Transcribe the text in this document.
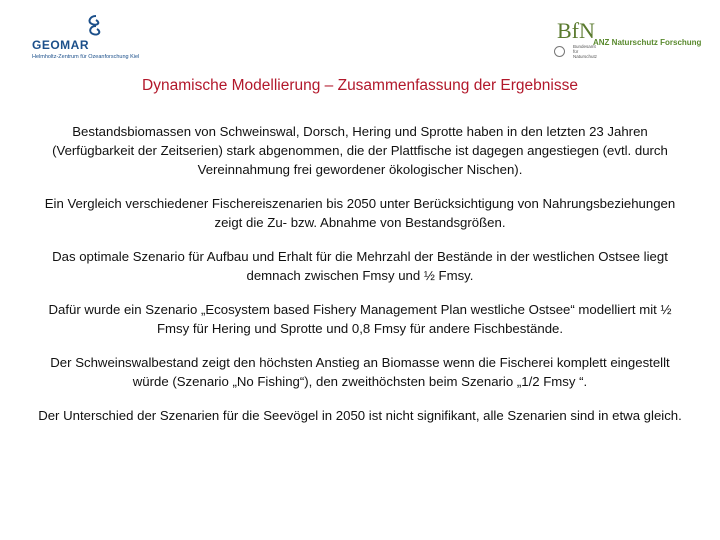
GEOMAR
Helmholtz-Zentrum für Ozeanforschung Kiel
BfN
Bundesamt für Naturschutz
ANZ Naturschutz Forschung
Dynamische Modellierung – Zusammenfassung der Ergebnisse

Bestandsbiomassen von Schweinswal, Dorsch, Hering und Sprotte haben in den letzten 23 Jahren (Verfügbarkeit der Zeitserien) stark abgenommen, die der Plattfische ist dagegen angestiegen (evtl. durch Vereinnahmung frei gewordener ökologischer Nischen).

Ein Vergleich verschiedener Fischereiszenarien bis 2050 unter Berücksichtigung von Nahrungsbeziehungen zeigt die Zu- bzw. Abnahme von Bestandsgrößen.

Das optimale Szenario für Aufbau und Erhalt für die Mehrzahl der Bestände in der westlichen Ostsee liegt demnach zwischen Fmsy und ½ Fmsy.

Dafür wurde ein Szenario „Ecosystem based Fishery Management Plan westliche Ostsee“ modelliert mit ½ Fmsy für Hering und Sprotte und 0,8 Fmsy für andere Fischbestände.

Der Schweinswalbestand zeigt den höchsten Anstieg an Biomasse wenn die Fischerei komplett eingestellt würde (Szenario „No Fishing“), den zweithöchsten beim Szenario „1/2 Fmsy “.

Der Unterschied der Szenarien für die Seevögel in 2050 ist nicht signifikant, alle Szenarien sind in etwa gleich.
